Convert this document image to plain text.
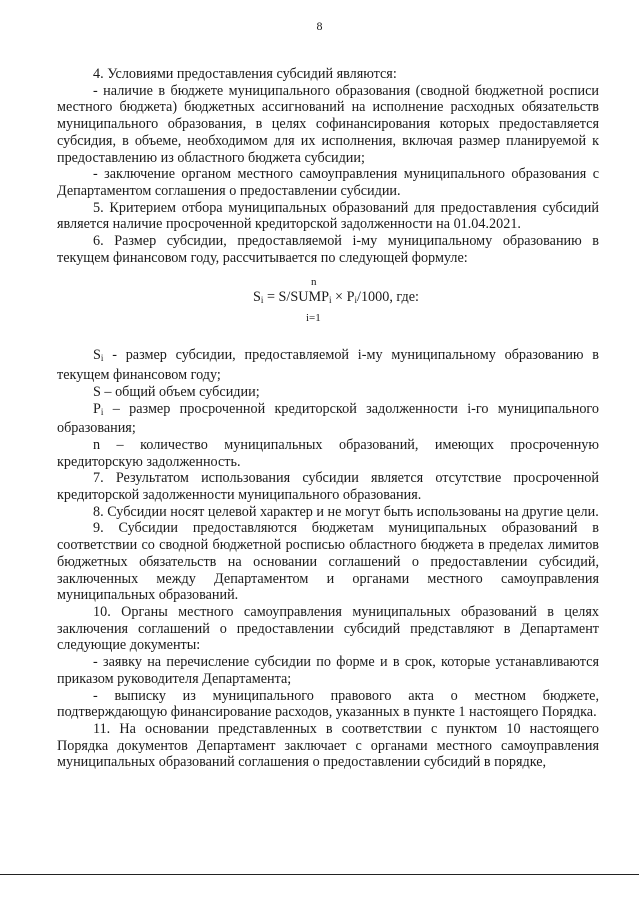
8

4. Условиями предоставления субсидий являются:

- наличие в бюджете муниципального образования (сводной бюджетной росписи местного бюджета) бюджетных ассигнований на исполнение расходных обязательств муниципального образования, в целях софинансирования которых предоставляется субсидия, в объеме, необходимом для их исполнения, включая размер планируемой к предоставлению из областного бюджета субсидии;

- заключение органом местного самоуправления муниципального образования с Департаментом соглашения о предоставлении субсидии.

5. Критерием отбора муниципальных образований для предоставления субсидий является наличие просроченной кредиторской задолженности на 01.04.2021.

6. Размер субсидии, предоставляемой i-му муниципальному образованию в текущем финансовом году, рассчитывается по следующей формуле:

n
$S_i$ = $S/SUMP_i \times P_i/1000$, где:
i=1

$S_i$ - размер субсидии, предоставляемой i-му муниципальному образованию в текущем финансовом году;

S – общий объем субсидии;

$P_i$ – размер просроченной кредиторской задолженности i-го муниципального образования;

n – количество муниципальных образований, имеющих просроченную кредиторскую задолженность.

7. Результатом использования субсидии является отсутствие просроченной кредиторской задолженности муниципального образования.

8. Субсидии носят целевой характер и не могут быть использованы на другие цели.

9. Субсидии предоставляются бюджетам муниципальных образований в соответствии со сводной бюджетной росписью областного бюджета в пределах лимитов бюджетных обязательств на основании соглашений о предоставлении субсидий, заключенных между Департаментом и органами местного самоуправления муниципальных образований.

10. Органы местного самоуправления муниципальных образований в целях заключения соглашений о предоставлении субсидий представляют в Департамент следующие документы:

- заявку на перечисление субсидии по форме и в срок, которые устанавливаются приказом руководителя Департамента;

- выписку из муниципального правового акта о местном бюджете, подтверждающую финансирование расходов, указанных в пункте 1 настоящего Порядка.

11. На основании представленных в соответствии с пунктом 10 настоящего Порядка документов Департамент заключает с органами местного самоуправления муниципальных образований соглашения о предоставлении субсидий в порядке,
